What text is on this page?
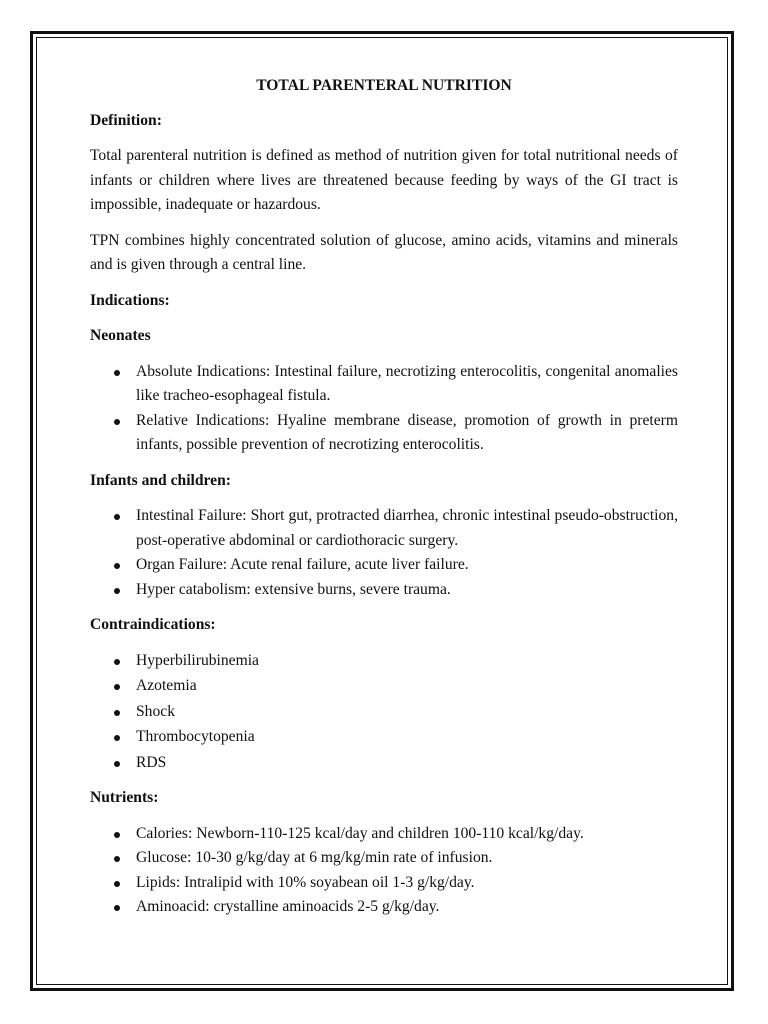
TOTAL PARENTERAL NUTRITION
Definition:
Total parenteral nutrition is defined as method of nutrition given for total nutritional needs of infants or children where lives are threatened because feeding by ways of the GI tract is impossible, inadequate or hazardous.
TPN combines highly concentrated solution of glucose, amino acids, vitamins and minerals and is given through a central line.
Indications:
Neonates
Absolute Indications: Intestinal failure, necrotizing enterocolitis, congenital anomalies like tracheo-esophageal fistula.
Relative Indications: Hyaline membrane disease, promotion of growth in preterm infants, possible prevention of necrotizing enterocolitis.
Infants and children:
Intestinal Failure: Short gut, protracted diarrhea, chronic intestinal pseudo-obstruction, post-operative abdominal or cardiothoracic surgery.
Organ Failure: Acute renal failure, acute liver failure.
Hyper catabolism: extensive burns, severe trauma.
Contraindications:
Hyperbilirubinemia
Azotemia
Shock
Thrombocytopenia
RDS
Nutrients:
Calories: Newborn-110-125 kcal/day and children 100-110 kcal/kg/day.
Glucose: 10-30 g/kg/day at 6 mg/kg/min rate of infusion.
Lipids: Intralipid with 10% soyabean oil 1-3 g/kg/day.
Aminoacid: crystalline aminoacids 2-5 g/kg/day.
